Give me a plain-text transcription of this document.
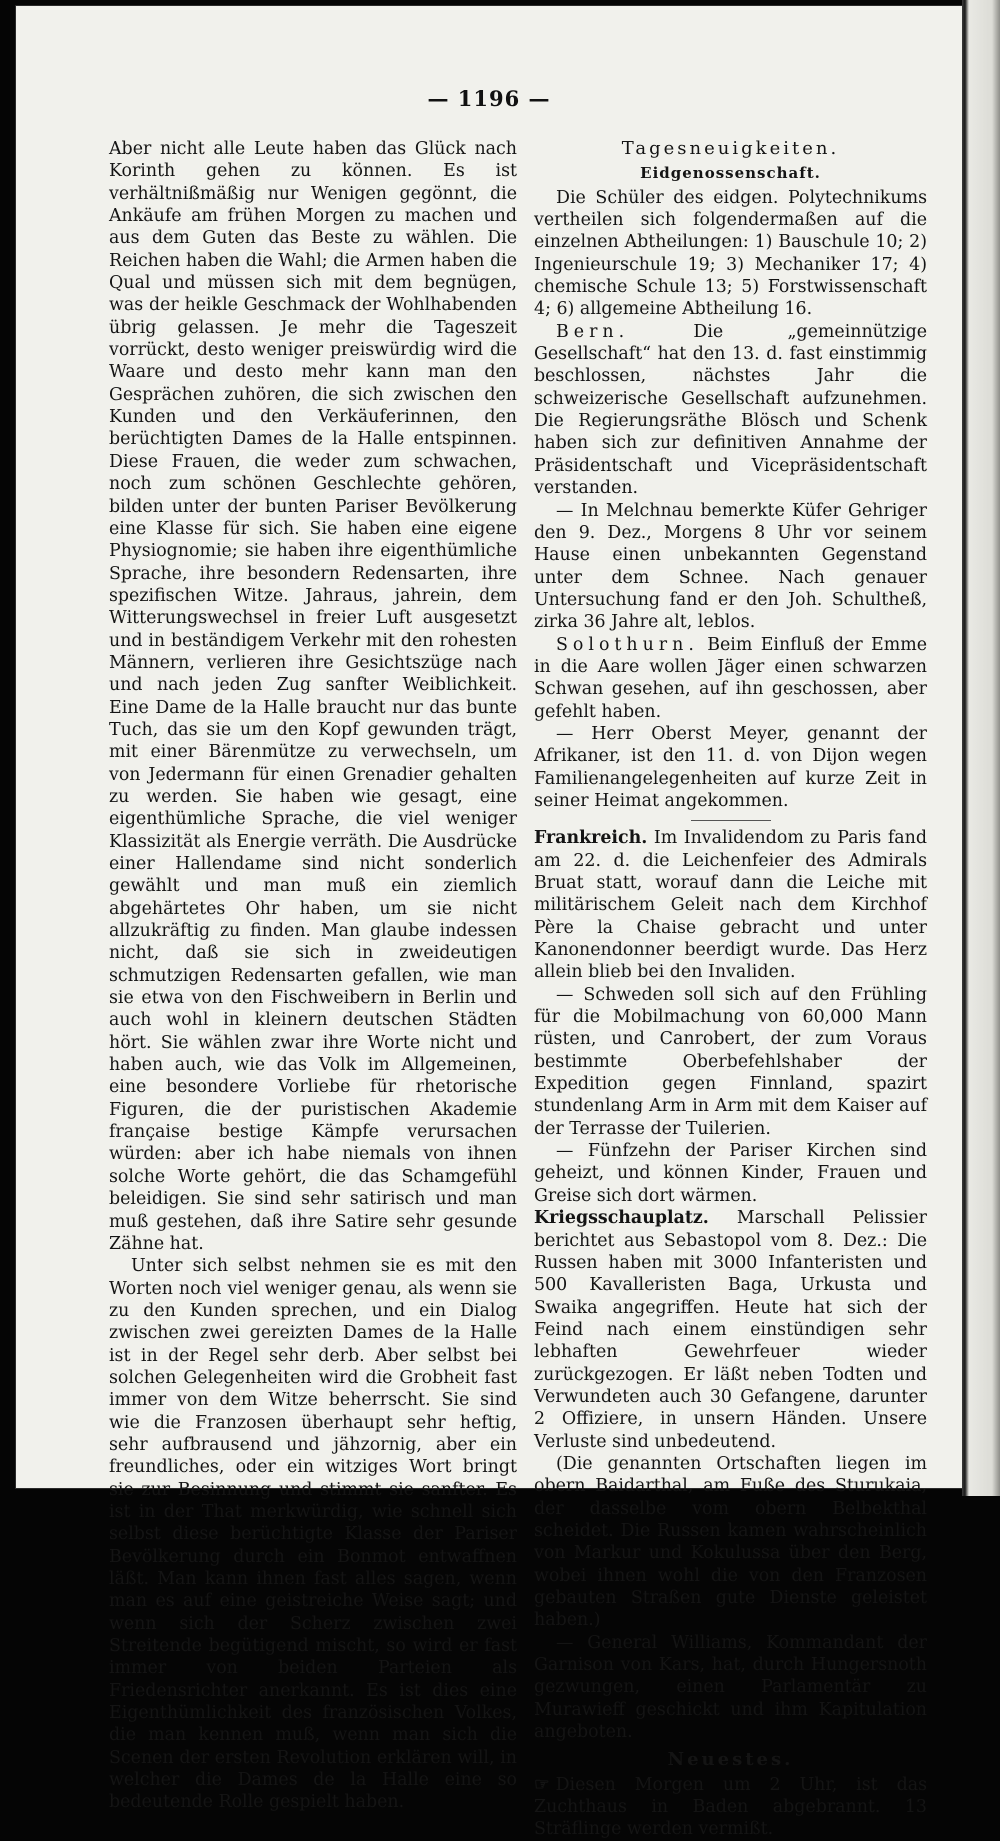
— 1196 —

Aber nicht alle Leute haben das Glück nach Korinth gehen zu können. Es ist verhältnißmäßig nur Wenigen gegönnt, die Ankäufe am frühen Morgen zu machen und aus dem Guten das Beste zu wählen. Die Reichen haben die Wahl; die Armen haben die Qual und müssen sich mit dem begnügen, was der heikle Geschmack der Wohlhabenden übrig gelassen. Je mehr die Tageszeit vorrückt, desto weniger preiswürdig wird die Waare und desto mehr kann man den Gesprächen zuhören, die sich zwischen den Kunden und den Verkäuferinnen, den berüchtigten Dames de la Halle entspinnen. Diese Frauen, die weder zum schwachen, noch zum schönen Geschlechte gehören, bilden unter der bunten Pariser Bevölkerung eine Klasse für sich. Sie haben eine eigene Physiognomie; sie haben ihre eigenthümliche Sprache, ihre besondern Redensarten, ihre spezifischen Witze. Jahraus, jahrein, dem Witterungswechsel in freier Luft ausgesetzt und in beständigem Verkehr mit den rohesten Männern, verlieren ihre Gesichtszüge nach und nach jeden Zug sanfter Weiblichkeit. Eine Dame de la Halle braucht nur das bunte Tuch, das sie um den Kopf gewunden trägt, mit einer Bärenmütze zu verwechseln, um von Jedermann für einen Grenadier gehalten zu werden. Sie haben wie gesagt, eine eigenthümliche Sprache, die viel weniger Klassizität als Energie verräth. Die Ausdrücke einer Hallendame sind nicht sonderlich gewählt und man muß ein ziemlich abgehärtetes Ohr haben, um sie nicht allzukräftig zu finden. Man glaube indessen nicht, daß sie sich in zweideutigen schmutzigen Redensarten gefallen, wie man sie etwa von den Fischweibern in Berlin und auch wohl in kleinern deutschen Städten hört. Sie wählen zwar ihre Worte nicht und haben auch, wie das Volk im Allgemeinen, eine besondere Vorliebe für rhetorische Figuren, die der puristischen Akademie française bestige Kämpfe verursachen würden: aber ich habe niemals von ihnen solche Worte gehört, die das Schamgefühl beleidigen. Sie sind sehr satirisch und man muß gestehen, daß ihre Satire sehr gesunde Zähne hat.

Unter sich selbst nehmen sie es mit den Worten noch viel weniger genau, als wenn sie zu den Kunden sprechen, und ein Dialog zwischen zwei gereizten Dames de la Halle ist in der Regel sehr derb. Aber selbst bei solchen Gelegenheiten wird die Grobheit fast immer von dem Witze beherrscht. Sie sind wie die Franzosen überhaupt sehr heftig, sehr aufbrausend und jähzornig, aber ein freundliches, oder ein witziges Wort bringt sie zur Besinnung und stimmt sie sanfter. Es ist in der That merkwürdig, wie schnell sich selbst diese berüchtigte Klasse der Pariser Bevölkerung durch ein Bonmot entwaffnen läßt. Man kann ihnen fast alles sagen, wenn man es auf eine geistreiche Weise sagt; und wenn sich der Scherz zwischen zwei Streitende begütigend mischt, so wird er fast immer von beiden Parteien als Friedensrichter anerkannt. Es ist dies eine Eigenthümlichkeit des französischen Volkes, die man kennen muß, wenn man sich die Scenen der ersten Revolution erklären will, in welcher die Dames de la Halle eine so bedeutende Rolle gespielt haben.

Tagesneuigkeiten.
Eidgenossenschaft.

Die Schüler des eidgen. Polytechnikums vertheilen sich folgendermaßen auf die einzelnen Abtheilungen: 1) Bauschule 10; 2) Ingenieurschule 19; 3) Mechaniker 17; 4) chemische Schule 13; 5) Forstwissenschaft 4; 6) allgemeine Abtheilung 16.

Bern.	Die „gemeinnützige Gesellschaft“ hat den 13. d. fast einstimmig beschlossen, nächstes Jahr die schweizerische Gesellschaft aufzunehmen. Die Regierungsräthe Blösch und Schenk haben sich zur definitiven Annahme der Präsidentschaft und Vicepräsidentschaft verstanden.

— In Melchnau bemerkte Küfer Gehriger den 9. Dez., Morgens 8 Uhr vor seinem Hause einen unbekannten Gegenstand unter dem Schnee. Nach genauer Untersuchung fand er den Joh. Schultheß, zirka 36 Jahre alt, leblos.

Solothurn. Beim Einfluß der Emme in die Aare wollen Jäger einen schwarzen Schwan gesehen, auf ihn geschossen, aber gefehlt haben.

— Herr Oberst Meyer, genannt der Afrikaner, ist den 11. d. von Dijon wegen Familienangelegenheiten auf kurze Zeit in seiner Heimat angekommen.

Frankreich. Im Invalidendom zu Paris fand am 22. d. die Leichenfeier des Admirals Bruat statt, worauf dann die Leiche mit militärischem Geleit nach dem Kirchhof Père la Chaise gebracht und unter Kanonendonner beerdigt wurde. Das Herz allein blieb bei den Invaliden.

— Schweden soll sich auf den Frühling für die Mobilmachung von 60,000 Mann rüsten, und Canrobert, der zum Voraus bestimmte Oberbefehlshaber der Expedition gegen Finnland, spazirt stundenlang Arm in Arm mit dem Kaiser auf der Terrasse der Tuilerien.

— Fünfzehn der Pariser Kirchen sind geheizt, und können Kinder, Frauen und Greise sich dort wärmen.

Kriegsschauplatz. Marschall Pelissier berichtet aus Sebastopol vom 8. Dez.: Die Russen haben mit 3000 Infanteristen und 500 Kavalleristen Baga, Urkusta und Swaika angegriffen. Heute hat sich der Feind nach einem einstündigen sehr lebhaften Gewehrfeuer wieder zurückgezogen. Er läßt neben Todten und Verwundeten auch 30 Gefangene, darunter 2 Offiziere, in unsern Händen. Unsere Verluste sind unbedeutend.

(Die genannten Ortschaften liegen im obern Baidarthal, am Fuße des Sturukaia, der dasselbe vom obern Belbekthal scheidet. Die Russen kamen wahrscheinlich von Markur und Kokulussa über den Berg, wobei ihnen wohl die von den Franzosen gebauten Straßen gute Dienste geleistet haben.)

— General Williams, Kommandant der Garnison von Kars, hat, durch Hungersnoth gezwungen, einen Parlamentär zu Murawieff geschickt und ihm Kapitulation angeboten.

Neuestes.

☞ Diesen Morgen um 2 Uhr, ist das Zuchthaus in Baden abgebrannt. 13 Sträflinge werden vermißt.
